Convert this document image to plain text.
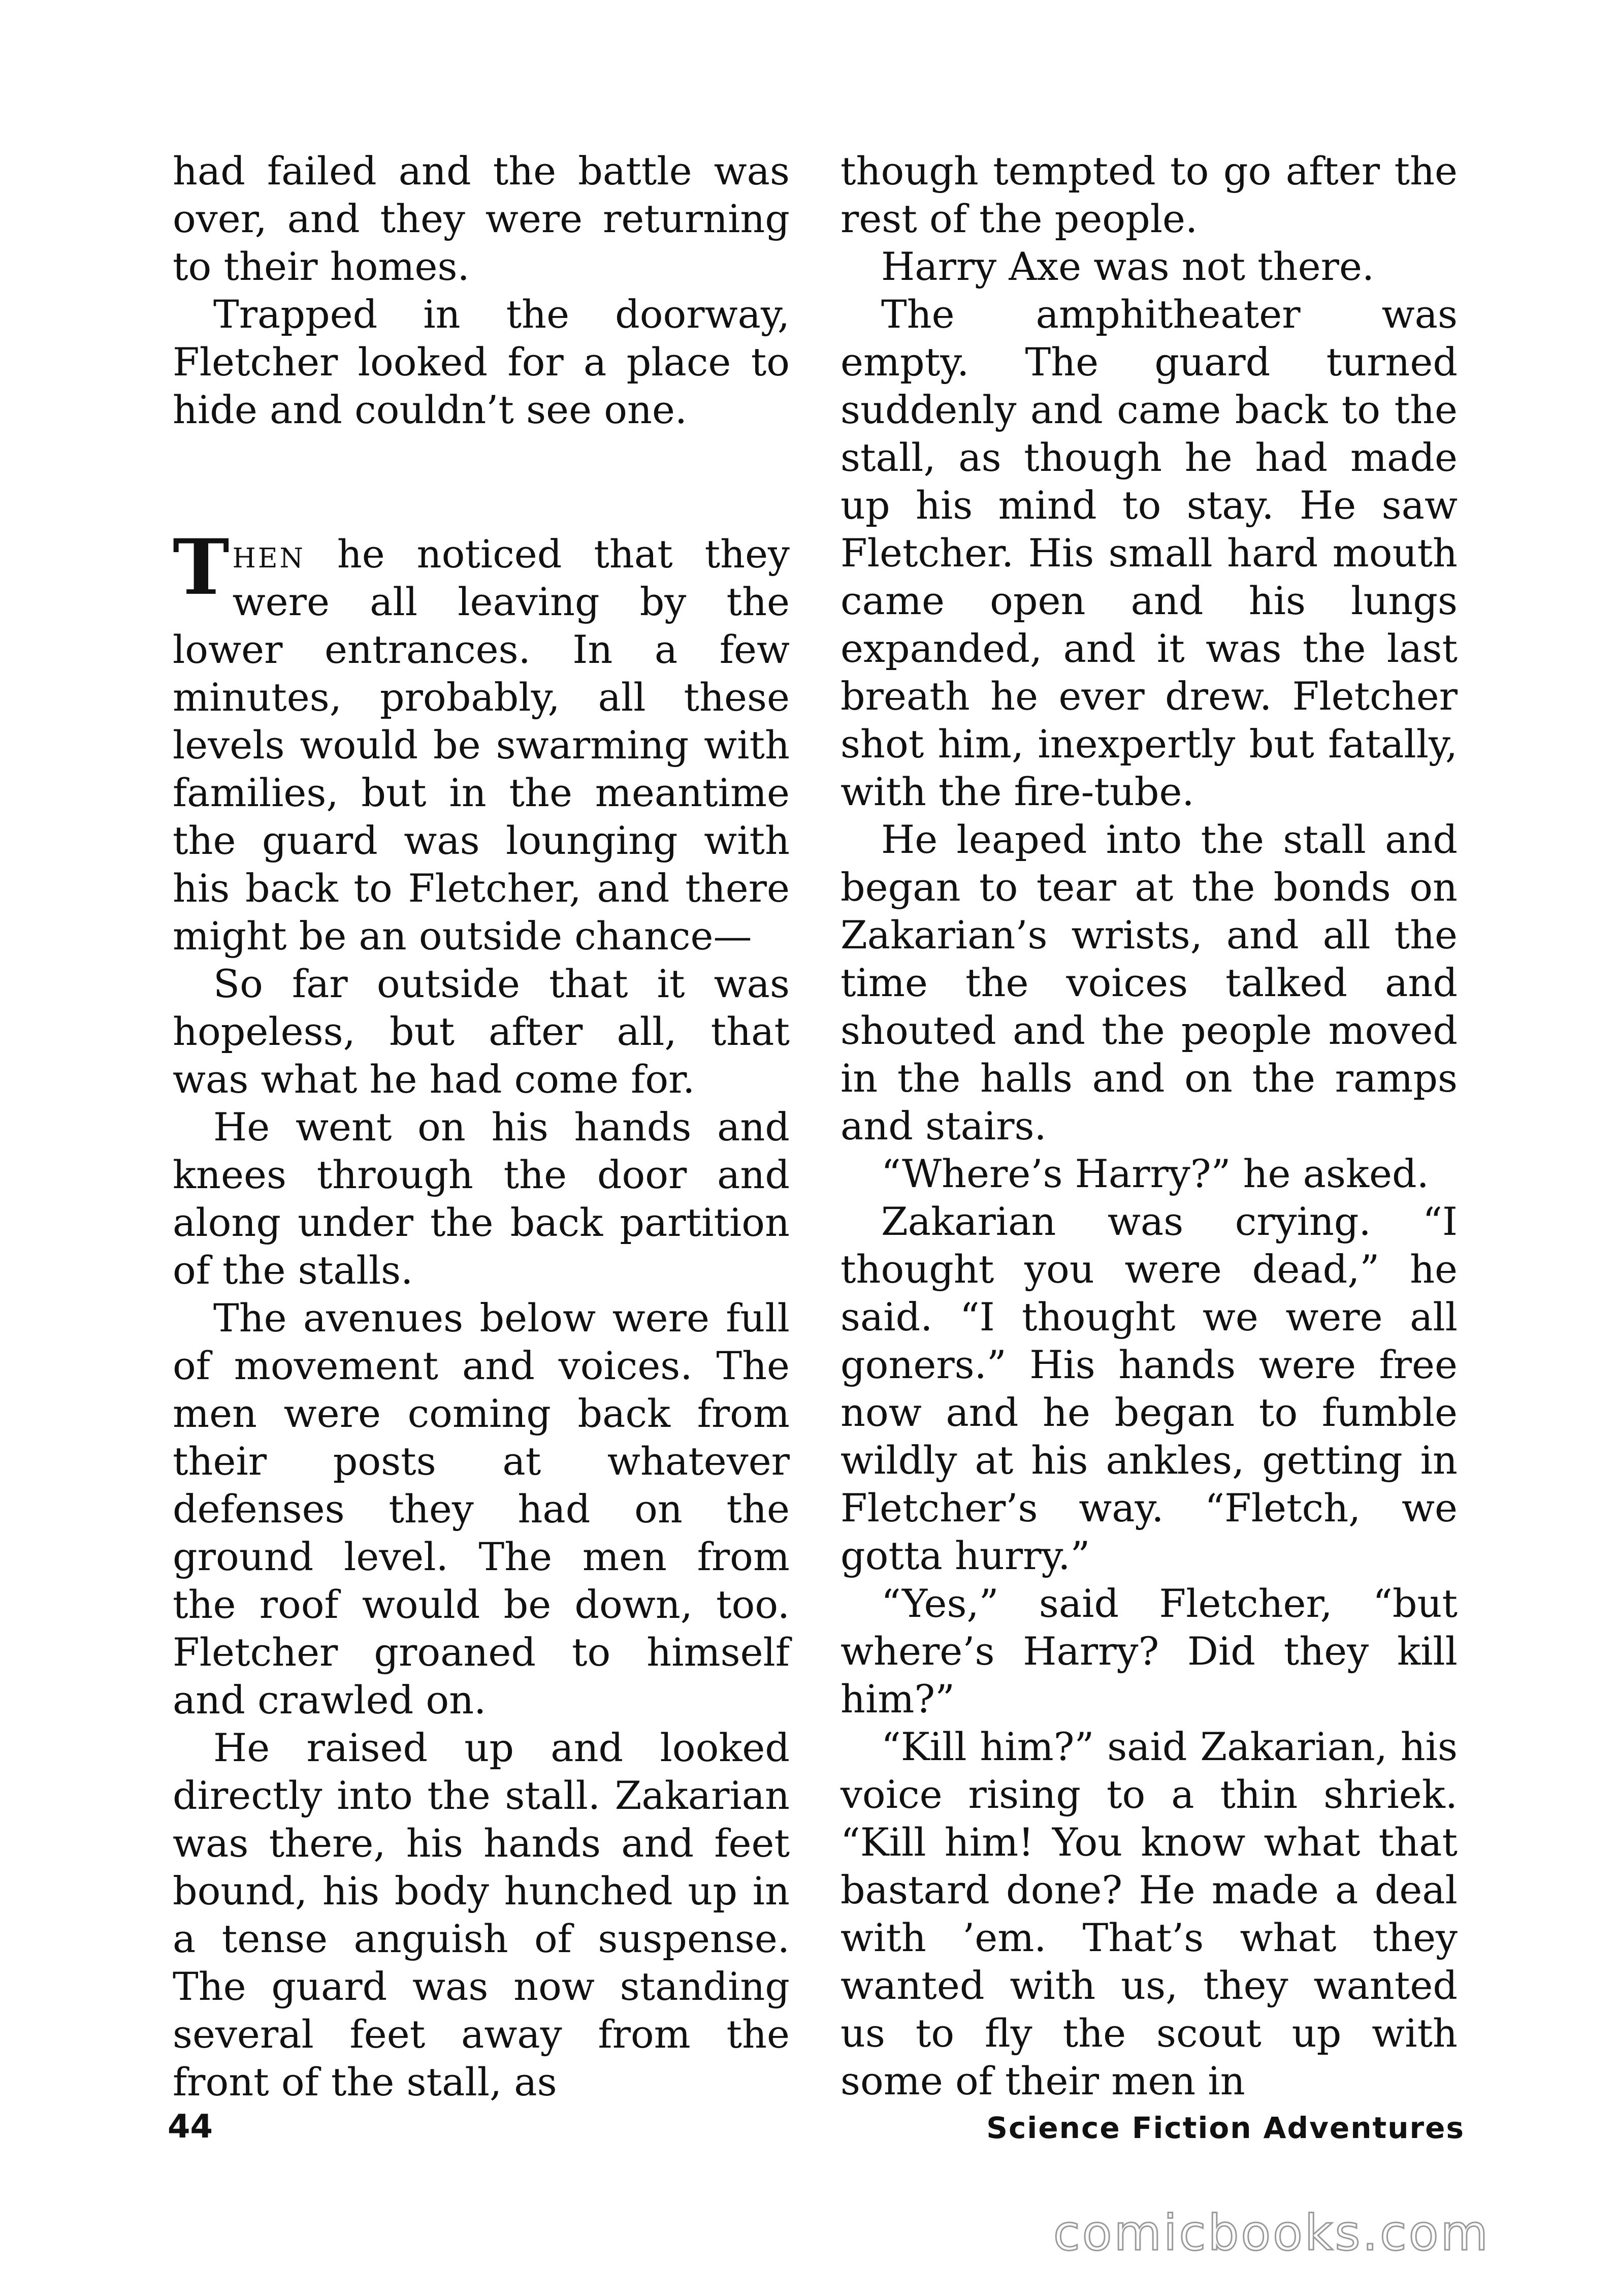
had failed and the battle was over, and they were returning to their homes.

Trapped in the doorway, Fletcher looked for a place to hide and couldn’t see one.

Then he noticed that they were all leaving by the lower entrances. In a few minutes, probably, all these levels would be swarming with families, but in the meantime the guard was lounging with his back to Fletcher, and there might be an outside chance—

So far outside that it was hopeless, but after all, that was what he had come for.

He went on his hands and knees through the door and along under the back partition of the stalls.

The avenues below were full of movement and voices. The men were coming back from their posts at whatever defenses they had on the ground level. The men from the roof would be down, too. Fletcher groaned to himself and crawled on.

He raised up and looked directly into the stall. Zakarian was there, his hands and feet bound, his body hunched up in a tense anguish of suspense. The guard was now standing several feet away from the front of the stall, as

though tempted to go after the rest of the people.

Harry Axe was not there.

The amphitheater was empty. The guard turned suddenly and came back to the stall, as though he had made up his mind to stay. He saw Fletcher. His small hard mouth came open and his lungs expanded, and it was the last breath he ever drew. Fletcher shot him, inexpertly but fatally, with the fire-tube.

He leaped into the stall and began to tear at the bonds on Zakarian’s wrists, and all the time the voices talked and shouted and the people moved in the halls and on the ramps and stairs.

“Where’s Harry?” he asked.

Zakarian was crying. “I thought you were dead,” he said. “I thought we were all goners.” His hands were free now and he began to fumble wildly at his ankles, getting in Fletcher’s way. “Fletch, we gotta hurry.”

“Yes,” said Fletcher, “but where’s Harry? Did they kill him?”

“Kill him?” said Zakarian, his voice rising to a thin shriek. “Kill him! You know what that bastard done? He made a deal with ’em. That’s what they wanted with us, they wanted us to fly the scout up with some of their men in

44	Science Fiction Adventures
comicbooks.com
